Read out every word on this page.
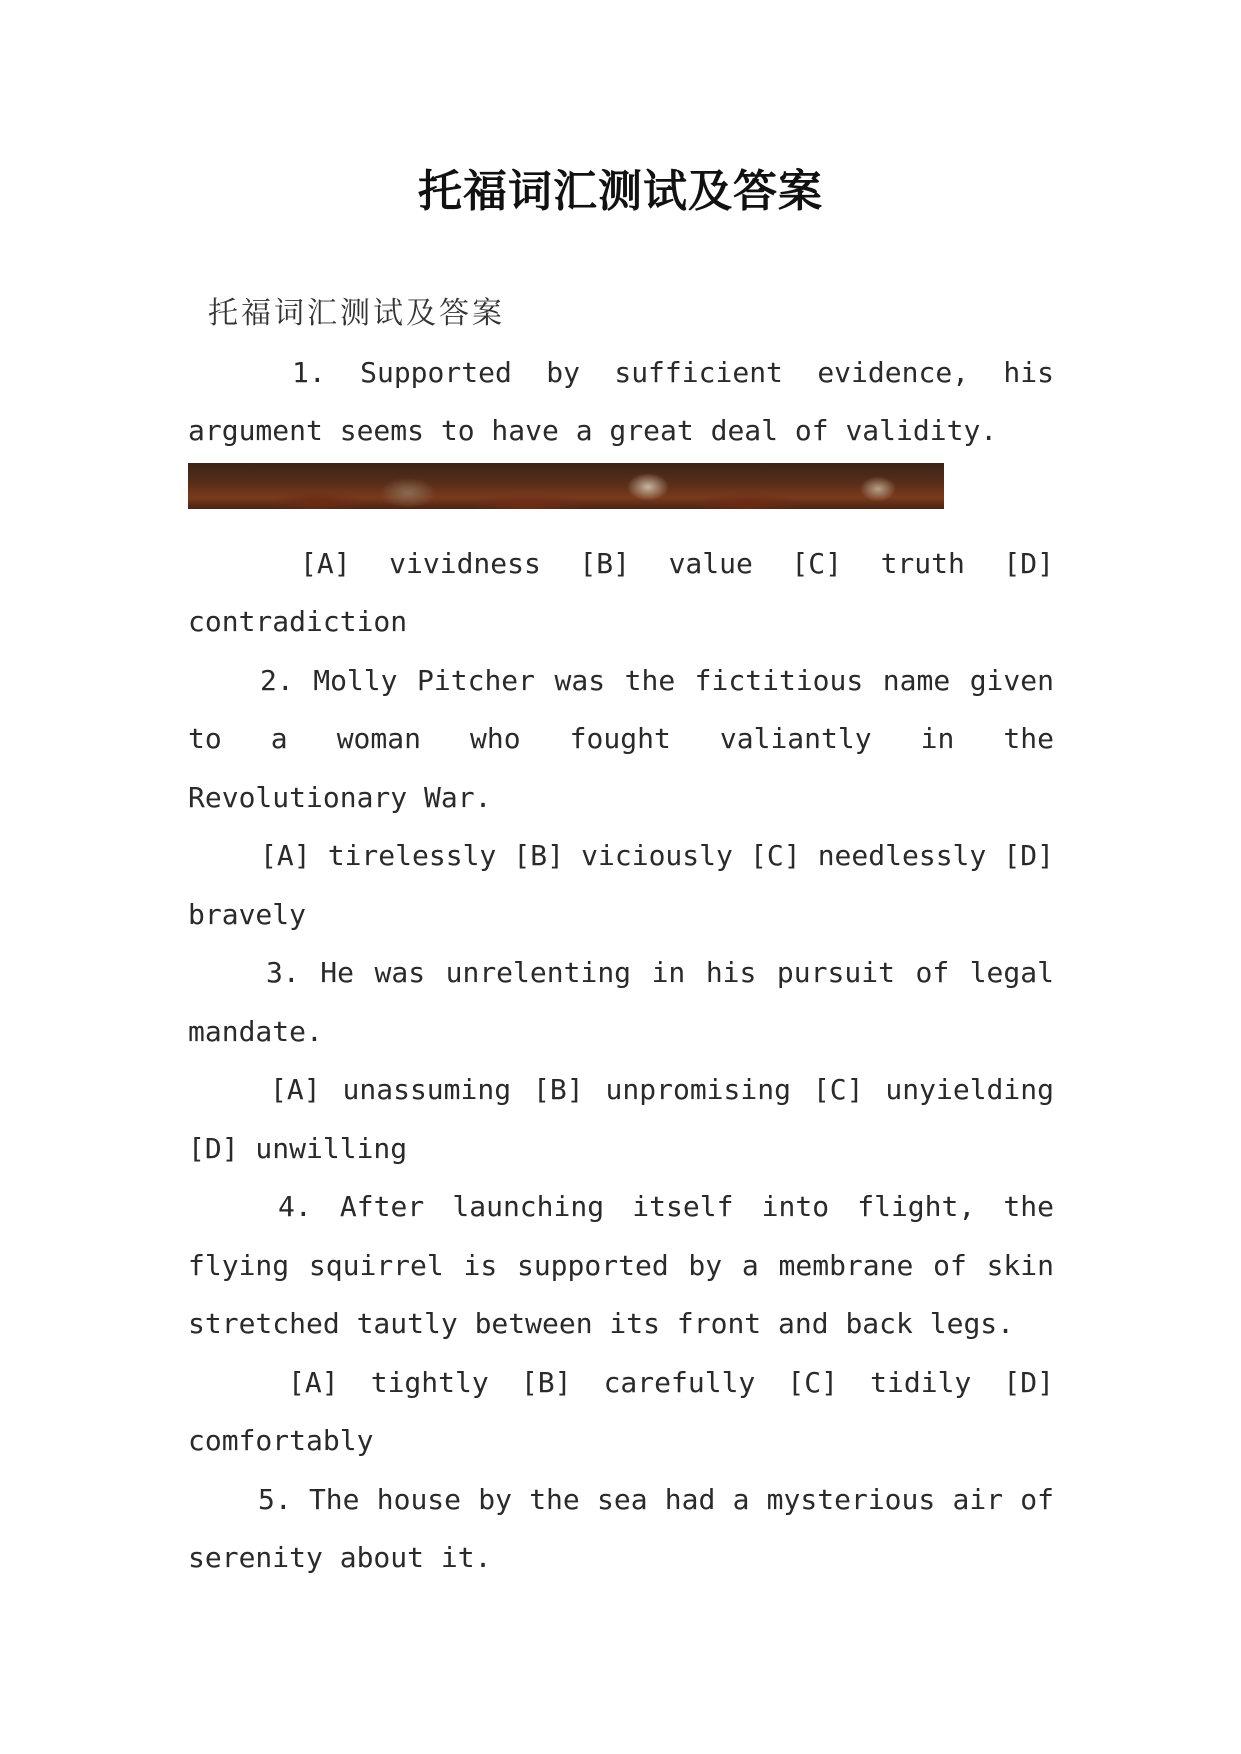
托福词汇测试及答案
托福词汇测试及答案

1. Supported by sufficient evidence, his argument seems to have a great deal of validity.

[A] vividness [B] value [C] truth [D] contradiction

2. Molly Pitcher was the fictitious name given to a woman who fought valiantly in the Revolutionary War.

[A] tirelessly [B] viciously [C] needlessly [D] bravely

3. He was unrelenting in his pursuit of legal mandate.

[A] unassuming [B] unpromising [C] unyielding [D] unwilling

4. After launching itself into flight, the flying squirrel is supported by a membrane of skin stretched tautly between its front and back legs.

[A] tightly [B] carefully [C] tidily [D] comfortably

5. The house by the sea had a mysterious air of serenity about it.
